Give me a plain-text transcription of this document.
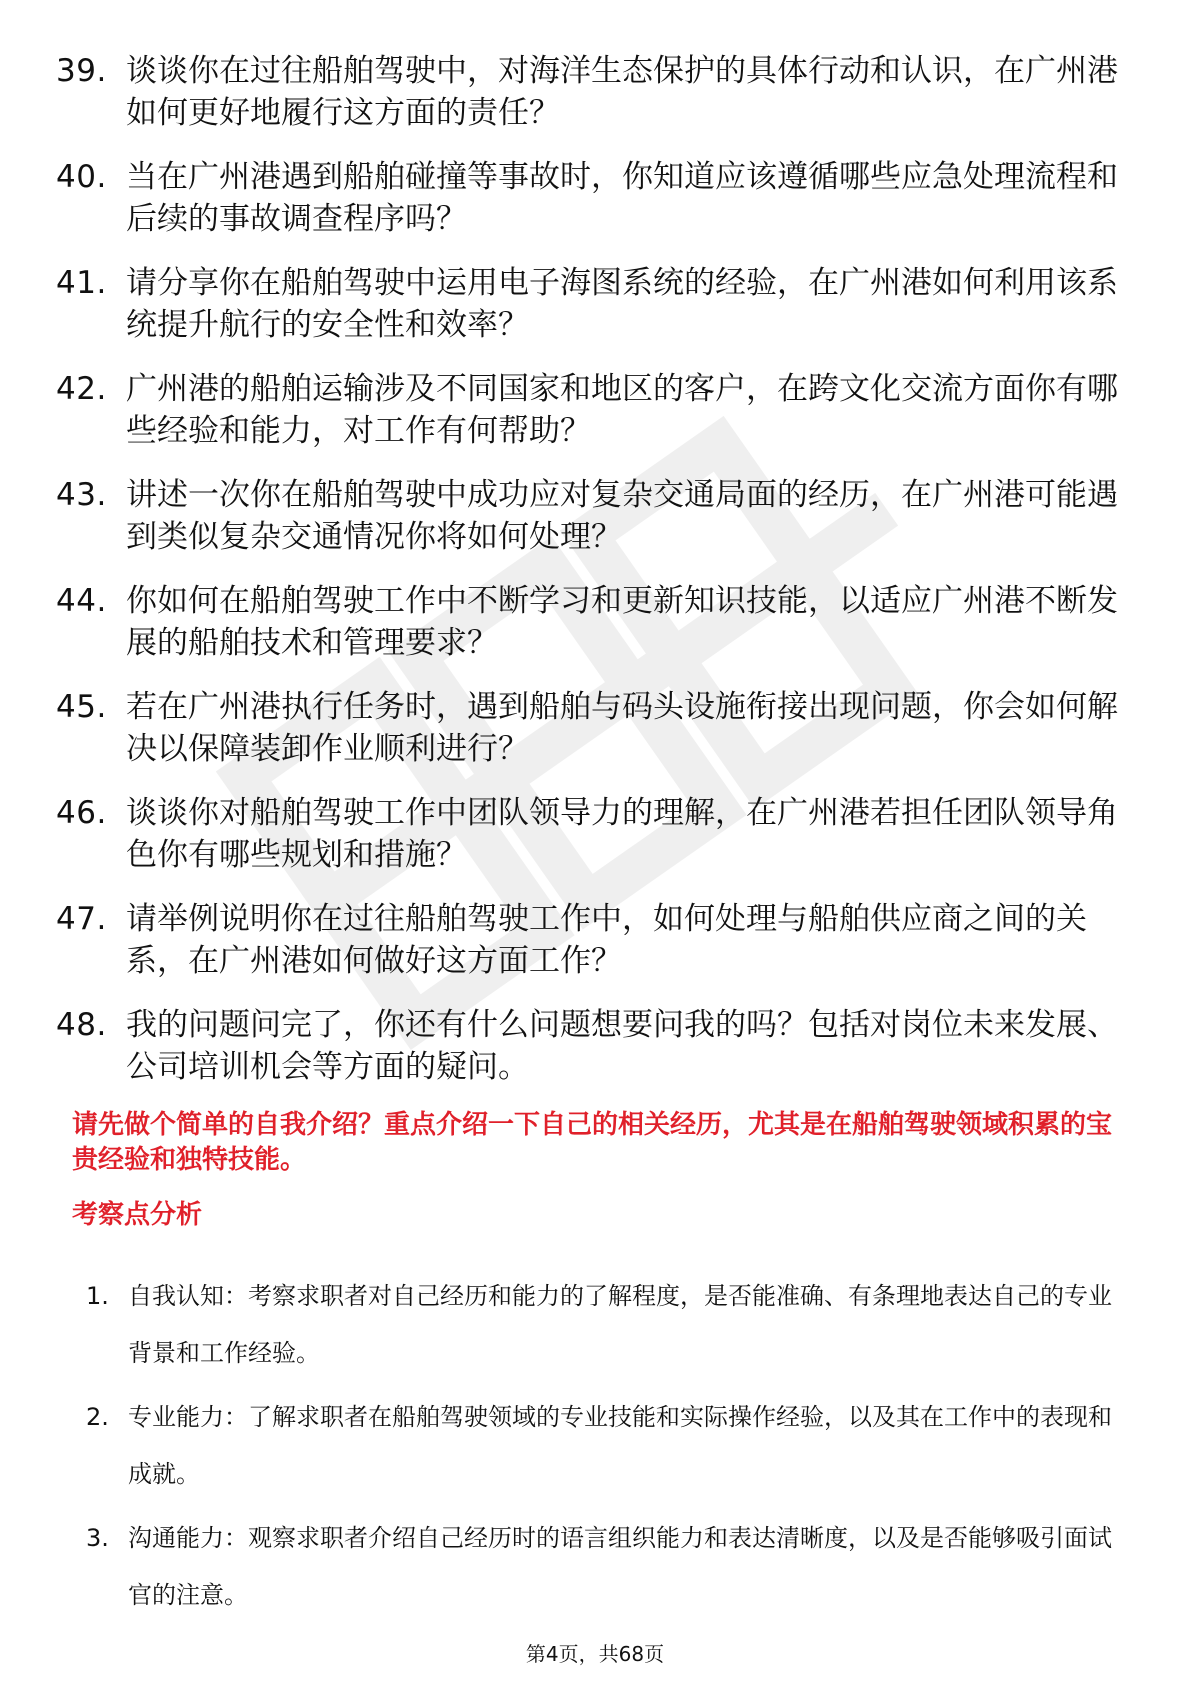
39. 谈谈你在过往船舶驾驶中，对海洋生态保护的具体行动和认识，在广州港如何更好地履行这方面的责任？
40. 当在广州港遇到船舶碰撞等事故时，你知道应该遵循哪些应急处理流程和后续的事故调查程序吗？
41. 请分享你在船舶驾驶中运用电子海图系统的经验，在广州港如何利用该系统提升航行的安全性和效率？
42. 广州港的船舶运输涉及不同国家和地区的客户，在跨文化交流方面你有哪些经验和能力，对工作有何帮助？
43. 讲述一次你在船舶驾驶中成功应对复杂交通局面的经历，在广州港可能遇到类似复杂交通情况你将如何处理？
44. 你如何在船舶驾驶工作中不断学习和更新知识技能，以适应广州港不断发展的船舶技术和管理要求？
45. 若在广州港执行任务时，遇到船舶与码头设施衔接出现问题，你会如何解决以保障装卸作业顺利进行？
46. 谈谈你对船舶驾驶工作中团队领导力的理解，在广州港若担任团队领导角色你有哪些规划和措施？
47. 请举例说明你在过往船舶驾驶工作中，如何处理与船舶供应商之间的关系，在广州港如何做好这方面工作？
48. 我的问题问完了，你还有什么问题想要问我的吗？包括对岗位未来发展、公司培训机会等方面的疑问。

请先做个简单的自我介绍？重点介绍一下自己的相关经历，尤其是在船舶驾驶领域积累的宝贵经验和独特技能。

考察点分析

1. 自我认知：考察求职者对自己经历和能力的了解程度，是否能准确、有条理地表达自己的专业背景和工作经验。
2. 专业能力：了解求职者在船舶驾驶领域的专业技能和实际操作经验，以及其在工作中的表现和成就。
3. 沟通能力：观察求职者介绍自己经历时的语言组织能力和表达清晰度，以及是否能够吸引面试官的注意。
第4页，共68页
